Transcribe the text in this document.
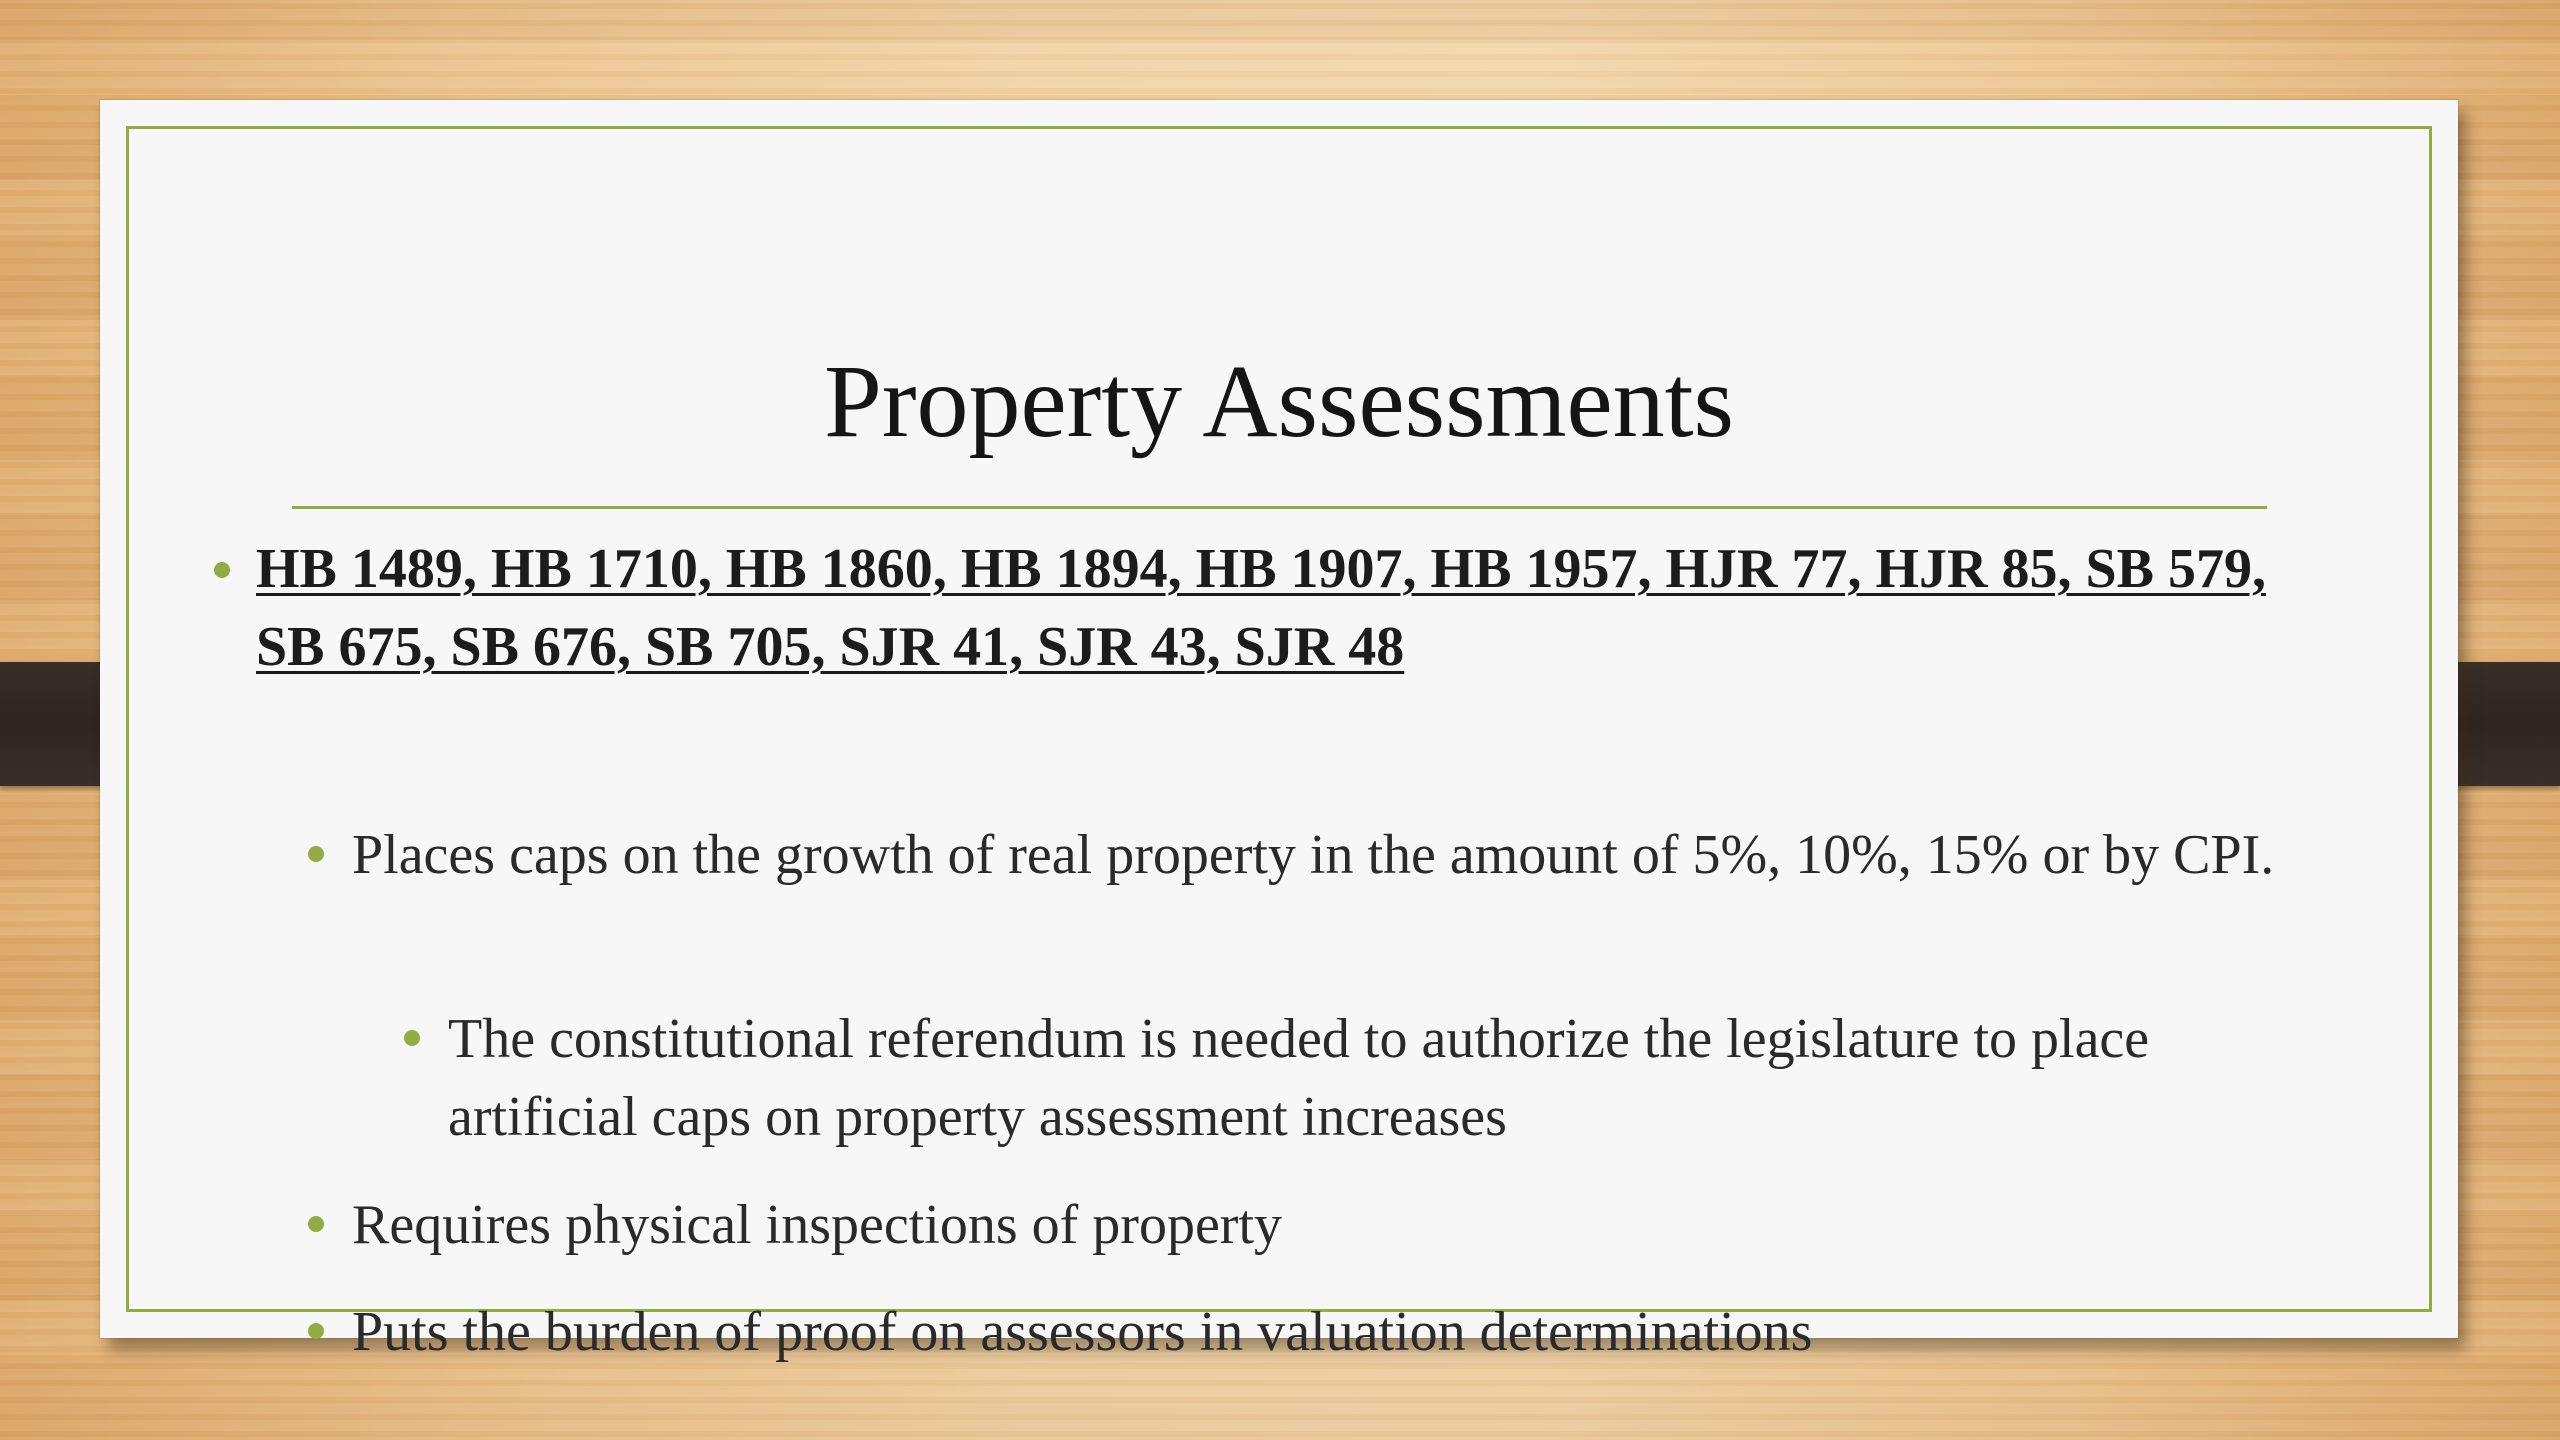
Property Assessments
HB 1489, HB 1710, HB 1860, HB 1894, HB 1907, HB 1957, HJR 77, HJR 85, SB 579, SB 675, SB 676, SB 705, SJR 41, SJR 43, SJR 48
Places caps on the growth of real property in the amount of 5%, 10%, 15% or by CPI.
The constitutional referendum is needed to authorize the legislature to place artificial caps on property assessment increases
Requires physical inspections of property
Puts the burden of proof on assessors in valuation determinations
